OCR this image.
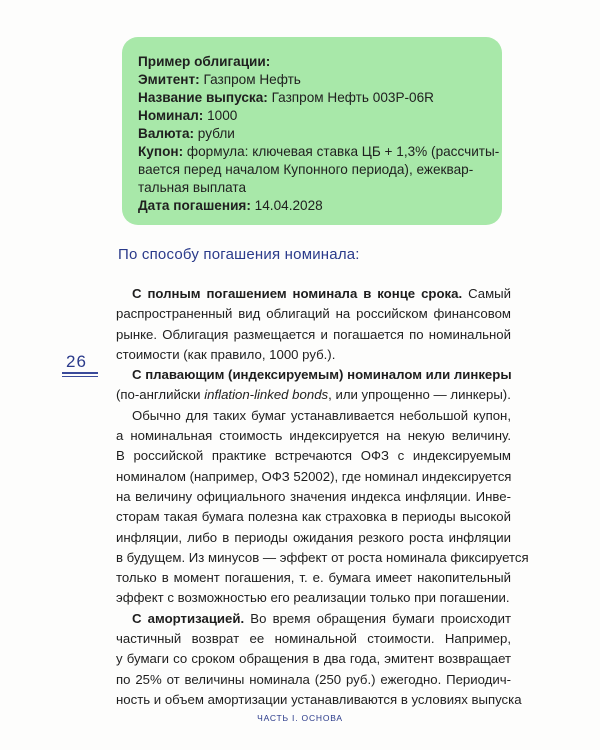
Пример облигации:
Эмитент: Газпром Нефть
Название выпуска: Газпром Нефть 003Р-06R
Номинал: 1000
Валюта: рубли
Купон: формула: ключевая ставка ЦБ + 1,3% (рассчиты-
вается перед началом Купонного периода), ежеквар-
тальная выплата
Дата погашения: 14.04.2028
По способу погашения номинала:
26
С полным погашением номинала в конце срока. Самый
распространенный вид облигаций на российском финансовом
рынке. Облигация размещается и погашается по номинальной
стоимости (как правило, 1000 руб.).
С плавающим (индексируемым) номиналом или линкеры
(по-английски inflation-linked bonds, или упрощенно — линкеры).
Обычно для таких бумаг устанавливается небольшой купон,
а номинальная стоимость индексируется на некую величину.
В российской практике встречаются ОФЗ с индексируемым
номиналом (например, ОФЗ 52002), где номинал индексируется
на величину официального значения индекса инфляции. Инве-
сторам такая бумага полезна как страховка в периоды высокой
инфляции, либо в периоды ожидания резкого роста инфляции
в будущем. Из минусов — эффект от роста номинала фиксируется
только в момент погашения, т. е. бумага имеет накопительный
эффект с возможностью его реализации только при погашении.
С амортизацией. Во время обращения бумаги происходит
частичный возврат ее номинальной стоимости. Например,
у бумаги со сроком обращения в два года, эмитент возвращает
по 25% от величины номинала (250 руб.) ежегодно. Периодич-
ность и объем амортизации устанавливаются в условиях выпуска
ЧАСТЬ I. ОСНОВА
